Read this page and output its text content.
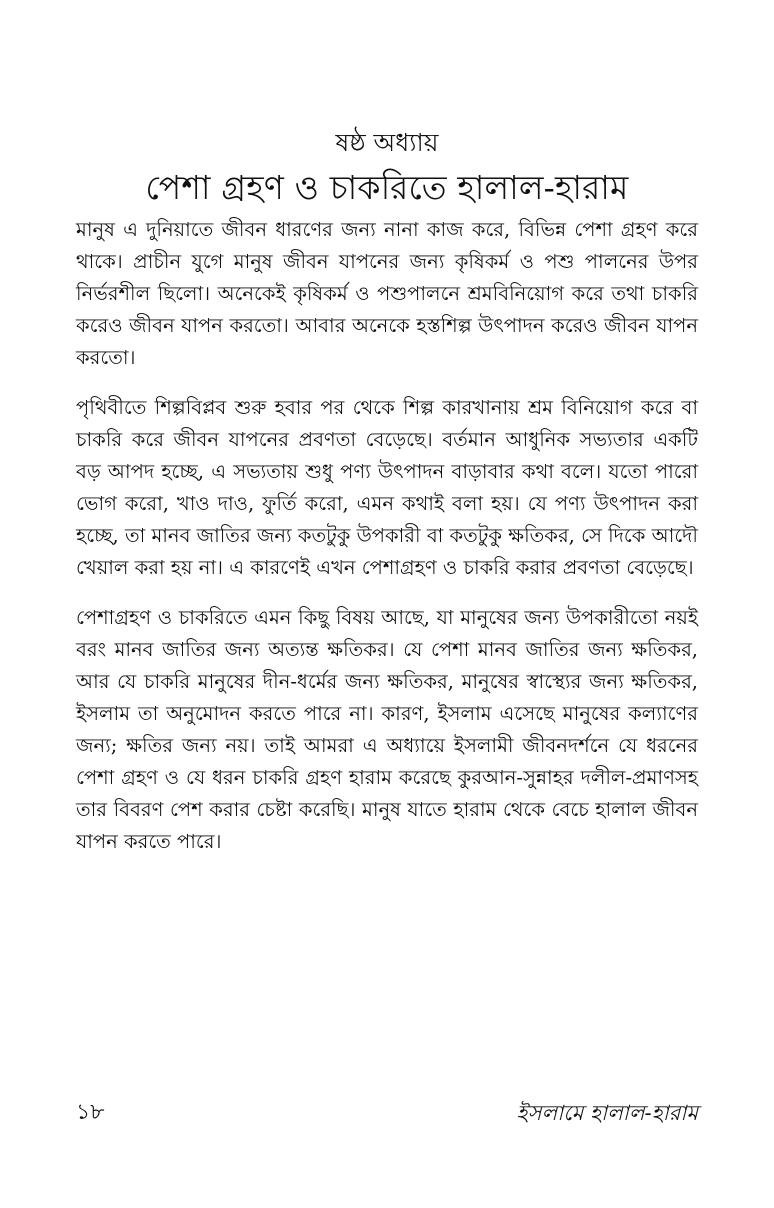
ষষ্ঠ অধ্যায়
পেশা গ্রহণ ও চাকরিতে হালাল-হারাম

মানুষ এ দুনিয়াতে জীবন ধারণের জন্য নানা কাজ করে, বিভিন্ন পেশা গ্রহণ করে থাকে। প্রাচীন যুগে মানুষ জীবন যাপনের জন্য কৃষিকর্ম ও পশু পালনের উপর নির্ভরশীল ছিলো। অনেকেই কৃষিকর্ম ও পশুপালনে শ্রমবিনিয়োগ করে তথা চাকরি করেও জীবন যাপন করতো। আবার অনেকে হস্তশিল্প উৎপাদন করেও জীবন যাপন করতো।

পৃথিবীতে শিল্পবিপ্লব শুরু হবার পর থেকে শিল্প কারখানায় শ্রম বিনিয়োগ করে বা চাকরি করে জীবন যাপনের প্রবণতা বেড়েছে। বর্তমান আধুনিক সভ্যতার একটি বড় আপদ হচ্ছে, এ সভ্যতায় শুধু পণ্য উৎপাদন বাড়াবার কথা বলে। যতো পারো ভোগ করো, খাও দাও, ফুর্তি করো, এমন কথাই বলা হয়। যে পণ্য উৎপাদন করা হচ্ছে, তা মানব জাতির জন্য কতটুকু উপকারী বা কতটুকু ক্ষতিকর, সে দিকে আদৌ খেয়াল করা হয় না। এ কারণেই এখন পেশাগ্রহণ ও চাকরি করার প্রবণতা বেড়েছে।

পেশাগ্রহণ ও চাকরিতে এমন কিছু বিষয় আছে, যা মানুষের জন্য উপকারীতো নয়ই বরং মানব জাতির জন্য অত্যন্ত ক্ষতিকর। যে পেশা মানব জাতির জন্য ক্ষতিকর, আর যে চাকরি মানুষের দীন-ধর্মের জন্য ক্ষতিকর, মানুষের স্বাস্থ্যের জন্য ক্ষতিকর, ইসলাম তা অনুমোদন করতে পারে না। কারণ, ইসলাম এসেছে মানুষের কল্যাণের জন্য; ক্ষতির জন্য নয়। তাই আমরা এ অধ্যায়ে ইসলামী জীবনদর্শনে যে ধরনের পেশা গ্রহণ ও যে ধরন চাকরি গ্রহণ হারাম করেছে কুরআন-সুন্নাহর দলীল-প্রমাণসহ তার বিবরণ পেশ করার চেষ্টা করেছি। মানুষ যাতে হারাম থেকে বেচে হালাল জীবন যাপন করতে পারে।

১৮	ইসলামে হালাল-হারাম
